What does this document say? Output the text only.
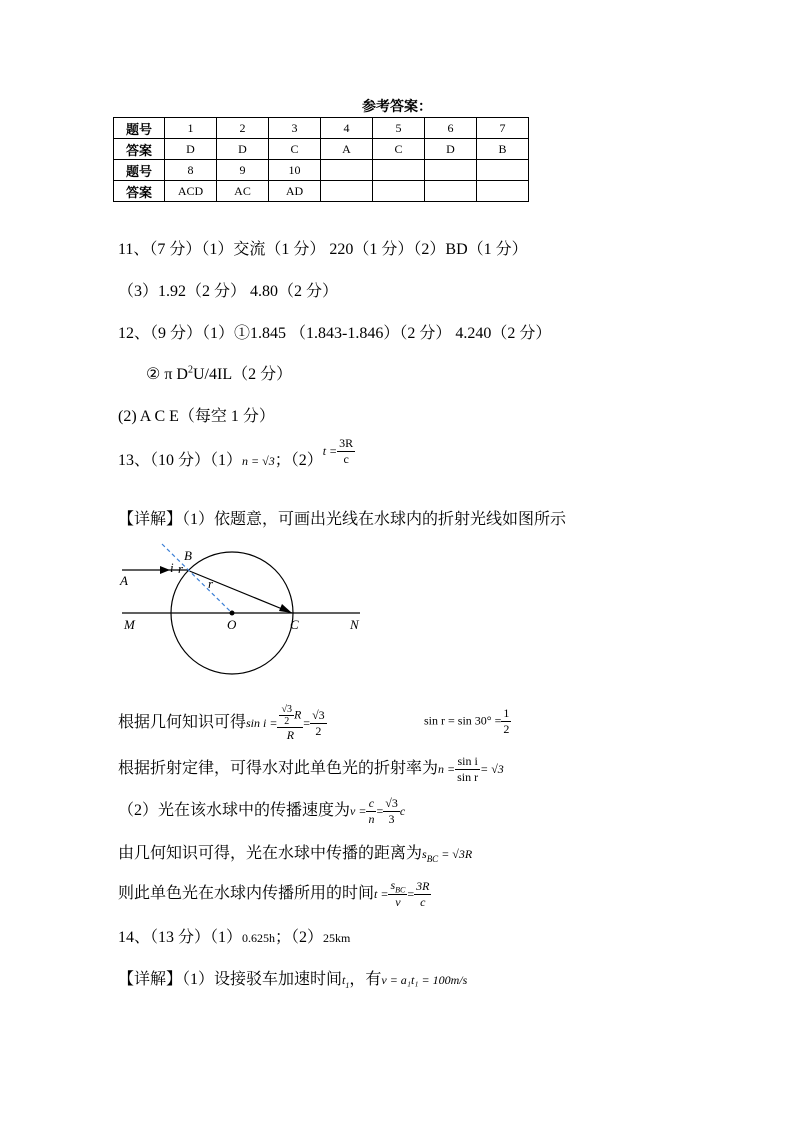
参考答案：
题号	1	2	3	4	5	6	7
答案	D	D	C	A	C	D	B
题号	8	9	10				
答案	ACD	AC	AD				
11、（7 分）（1）交流（1 分） 220（1 分）（2）BD（1 分）
（3）1.92（2 分） 4.80（2 分）
12、（9 分）（1）①1.845 （1.843-1.846）（2 分） 4.240（2 分）
② π $D^2U/4IL(2$ 分）
(2) A C E（每空 1 分）
13、（10 分）（1）n = √3；$(2)^{t =} \frac{3R}{c}$
【详解】（1）依题意，可画出光线在水球内的折射光线如图所示
B
i r
r
A
M	O	C	N
根据几何知识可得$\sin i = \frac{\frac{√3}{2} R}{R} = \frac{√3}{2}$	$\sin r = \sin 30^\circ = \frac{1}{2}$
根据折射定律，可得水对此单色光的折射率为$n = \frac{\text{sin i}}{\text{sin r}} = √3$
（2）光在该水球中的传播速度为$v = \frac{c}{n} = \frac{√3}{3}$ c
由几何知识可得，光在水球中传播的距离为$s_{BC} = √3R$
则此单色光在水球内传播所用的时间$t = \frac{s_{BC}}{v} = \frac{3R}{c}$
14、（13 分）（1）0.625h；（2）25km
【详解】（1）设接驳车加速时间$t_1$，有v = a₁t₁ = 100m/s
